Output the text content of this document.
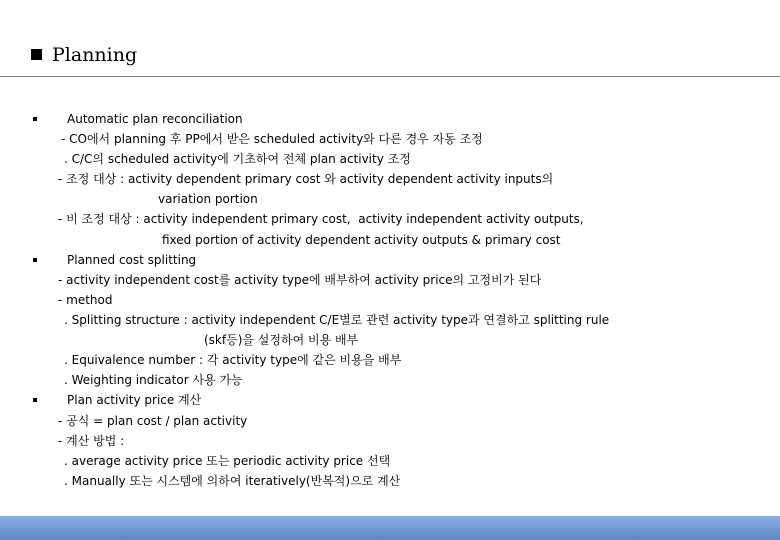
Planning
Automatic plan reconciliation
- CO에서 planning 후 PP에서 받은 scheduled activity와 다른 경우 자동 조정
. C/C의 scheduled activity에 기초하여 전체 plan activity 조정
- 조정 대상 : activity dependent primary cost 와 activity dependent activity inputs의
variation portion
- 비 조정 대상 : activity independent primary cost,  activity independent activity outputs,
fixed portion of activity dependent activity outputs & primary cost
Planned cost splitting
- activity independent cost를 activity type에 배부하여 activity price의 고정비가 된다
- method
. Splitting structure : activity independent C/E별로 관련 activity type과 연결하고 splitting rule
(skf등)을 설정하여 비용 배부
. Equivalence number : 각 activity type에 같은 비용을 배부
. Weighting indicator 사용 가능
Plan activity price 계산
- 공식 = plan cost / plan activity
- 계산 방법 :
. average activity price 또는 periodic activity price 선택
. Manually 또는 시스템에 의하여 iteratively(반복적)으로 계산
